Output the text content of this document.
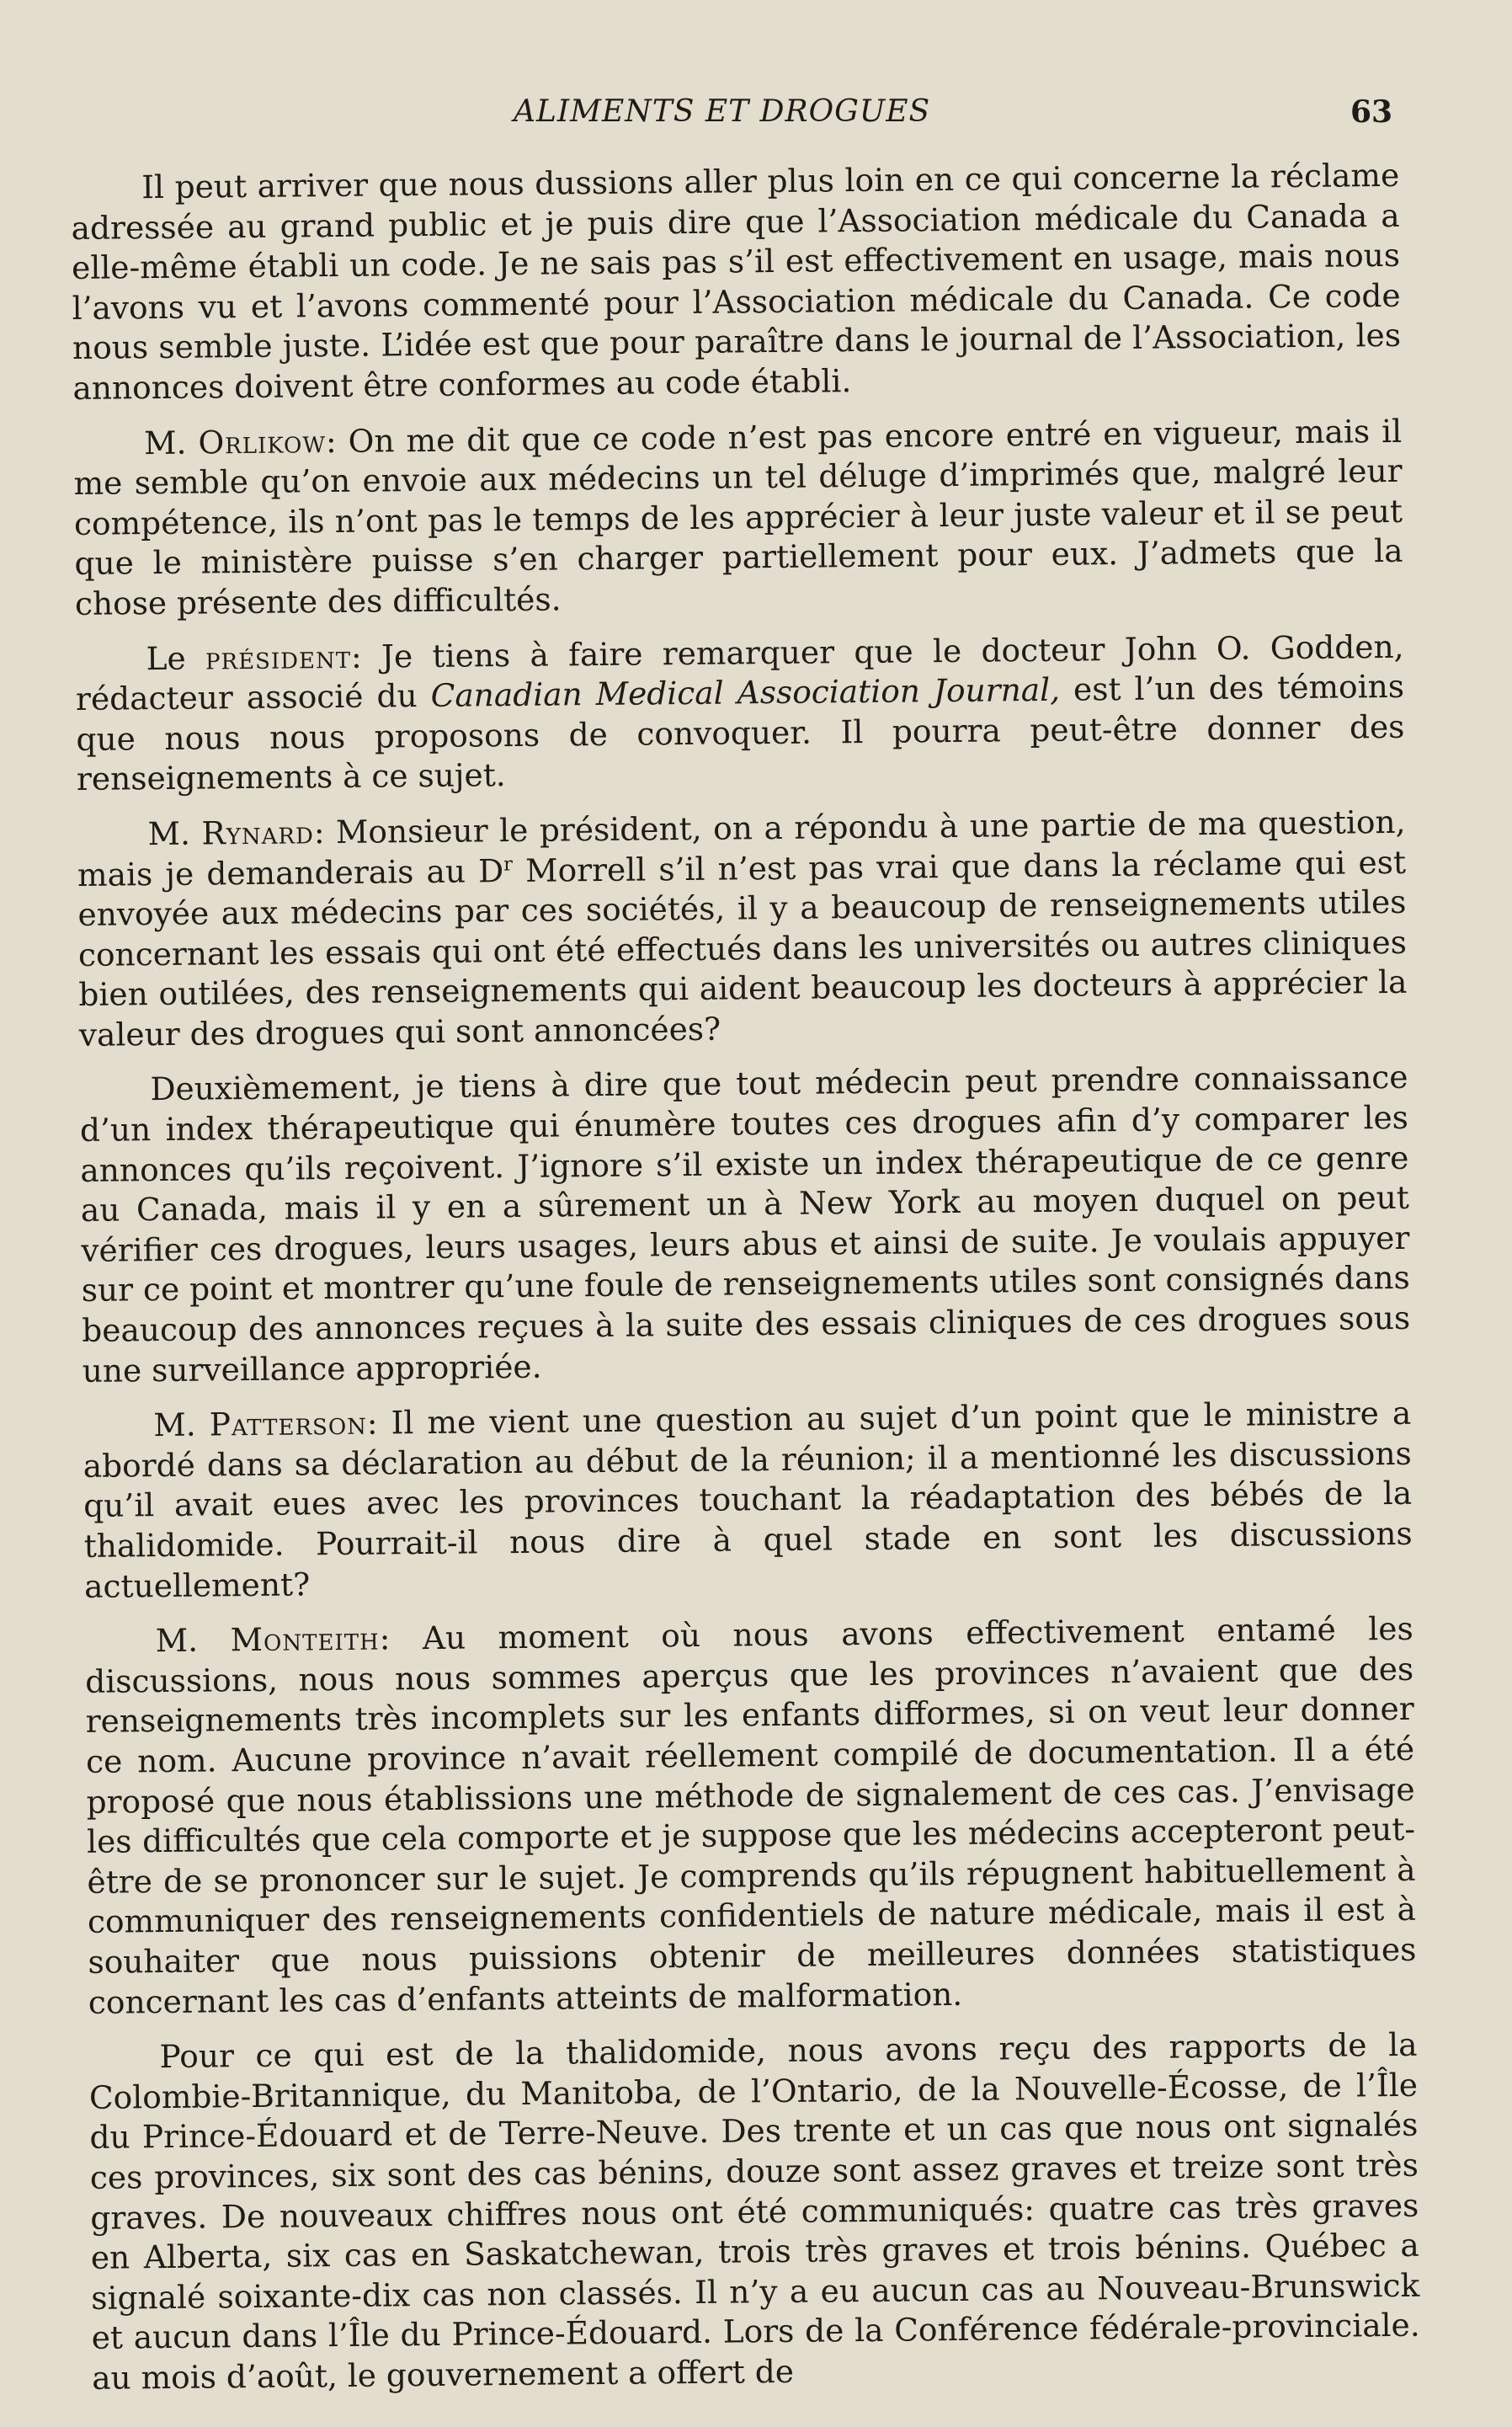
ALIMENTS ET DROGUES	63

Il peut arriver que nous dussions aller plus loin en ce qui concerne la réclame adressée au grand public et je puis dire que l’Association médicale du Canada a elle-même établi un code. Je ne sais pas s’il est effectivement en usage, mais nous l’avons vu et l’avons commenté pour l’Association médicale du Canada. Ce code nous semble juste. L’idée est que pour paraître dans le journal de l’Association, les annonces doivent être conformes au code établi.

M. Orlikow: On me dit que ce code n’est pas encore entré en vigueur, mais il me semble qu’on envoie aux médecins un tel déluge d’imprimés que, malgré leur compétence, ils n’ont pas le temps de les apprécier à leur juste valeur et il se peut que le ministère puisse s’en charger partiellement pour eux. J’admets que la chose présente des difficultés.

Le président: Je tiens à faire remarquer que le docteur John O. Godden, rédacteur associé du Canadian Medical Association Journal, est l’un des témoins que nous nous proposons de convoquer. Il pourra peut-être donner des renseignements à ce sujet.

M. Rynard: Monsieur le président, on a répondu à une partie de ma question, mais je demanderais au $D^r$ Morrell s’il n’est pas vrai que dans la réclame qui est envoyée aux médecins par ces sociétés, il y a beaucoup de renseignements utiles concernant les essais qui ont été effectués dans les universités ou autres cliniques bien outilées, des renseignements qui aident beaucoup les docteurs à apprécier la valeur des drogues qui sont annoncées?

Deuxièmement, je tiens à dire que tout médecin peut prendre connaissance d’un index thérapeutique qui énumère toutes ces drogues afin d’y comparer les annonces qu’ils reçoivent. J’ignore s’il existe un index thérapeutique de ce genre au Canada, mais il y en a sûrement un à New York au moyen duquel on peut vérifier ces drogues, leurs usages, leurs abus et ainsi de suite. Je voulais appuyer sur ce point et montrer qu’une foule de renseignements utiles sont consignés dans beaucoup des annonces reçues à la suite des essais cliniques de ces drogues sous une surveillance appropriée.

M. Patterson: Il me vient une question au sujet d’un point que le ministre a abordé dans sa déclaration au début de la réunion; il a mentionné les discussions qu’il avait eues avec les provinces touchant la réadaptation des bébés de la thalidomide. Pourrait-il nous dire à quel stade en sont les discussions actuellement?

M. Monteith: Au moment où nous avons effectivement entamé les discussions, nous nous sommes aperçus que les provinces n’avaient que des renseignements très incomplets sur les enfants difformes, si on veut leur donner ce nom. Aucune province n’avait réellement compilé de documentation. Il a été proposé que nous établissions une méthode de signalement de ces cas. J’envisage les difficultés que cela comporte et je suppose que les médecins accepteront peut-être de se prononcer sur le sujet. Je comprends qu’ils répugnent habituellement à communiquer des renseignements confidentiels de nature médicale, mais il est à souhaiter que nous puissions obtenir de meilleures données statistiques concernant les cas d’enfants atteints de malformation.

Pour ce qui est de la thalidomide, nous avons reçu des rapports de la Colombie-Britannique, du Manitoba, de l’Ontario, de la Nouvelle-Écosse, de l’Île du Prince-Édouard et de Terre-Neuve. Des trente et un cas que nous ont signalés ces provinces, six sont des cas bénins, douze sont assez graves et treize sont très graves. De nouveaux chiffres nous ont été communiqués: quatre cas très graves en Alberta, six cas en Saskatchewan, trois très graves et trois bénins. Québec a signalé soixante-dix cas non classés. Il n’y a eu aucun cas au Nouveau-Brunswick et aucun dans l’Île du Prince-Édouard. Lors de la Conférence fédérale-provinciale. au mois d’août, le gouvernement a offert de
